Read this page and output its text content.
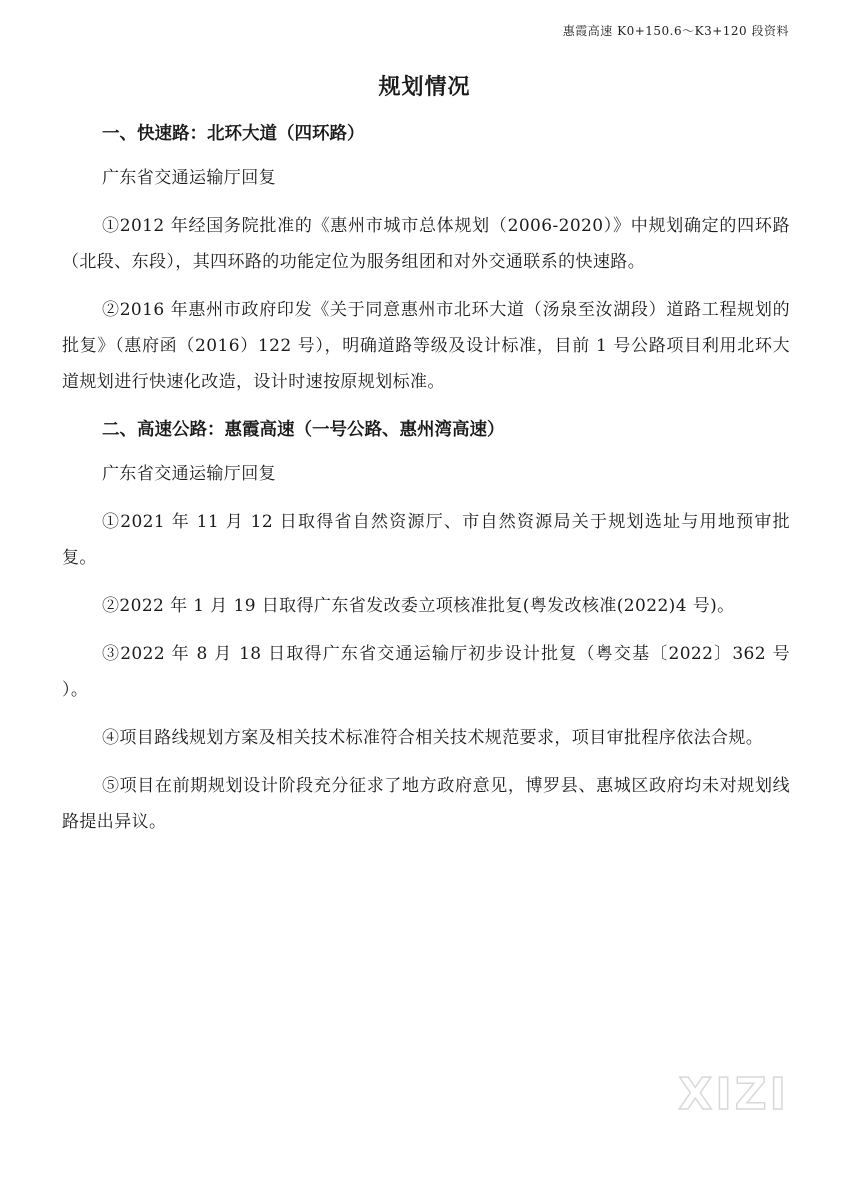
惠霞高速 K0+150.6～K3+120 段资料
规划情况

一、快速路：北环大道（四环路）

广东省交通运输厅回复

①2012 年经国务院批准的《惠州市城市总体规划（2006-2020）》中规划确定的四环路（北段、东段），其四环路的功能定位为服务组团和对外交通联系的快速路。

②2016 年惠州市政府印发《关于同意惠州市北环大道（汤泉至汝湖段）道路工程规划的批复》（惠府函（2016）122 号），明确道路等级及设计标准，目前 1 号公路项目利用北环大道规划进行快速化改造，设计时速按原规划标准。

二、高速公路：惠霞高速（一号公路、惠州湾高速）

广东省交通运输厅回复

①2021 年 11 月 12 日取得省自然资源厅、市自然资源局关于规划选址与用地预审批复。

②2022 年 1 月 19 日取得广东省发改委立项核准批复(粤发改核准(2022)4 号)。

③2022 年 8 月 18 日取得广东省交通运输厅初步设计批复（粤交基〔2022〕362 号 ）。

④项目路线规划方案及相关技术标准符合相关技术规范要求，项目审批程序依法合规。

⑤项目在前期规划设计阶段充分征求了地方政府意见，博罗县、惠城区政府均未对规划线路提出异议。

XIZI
